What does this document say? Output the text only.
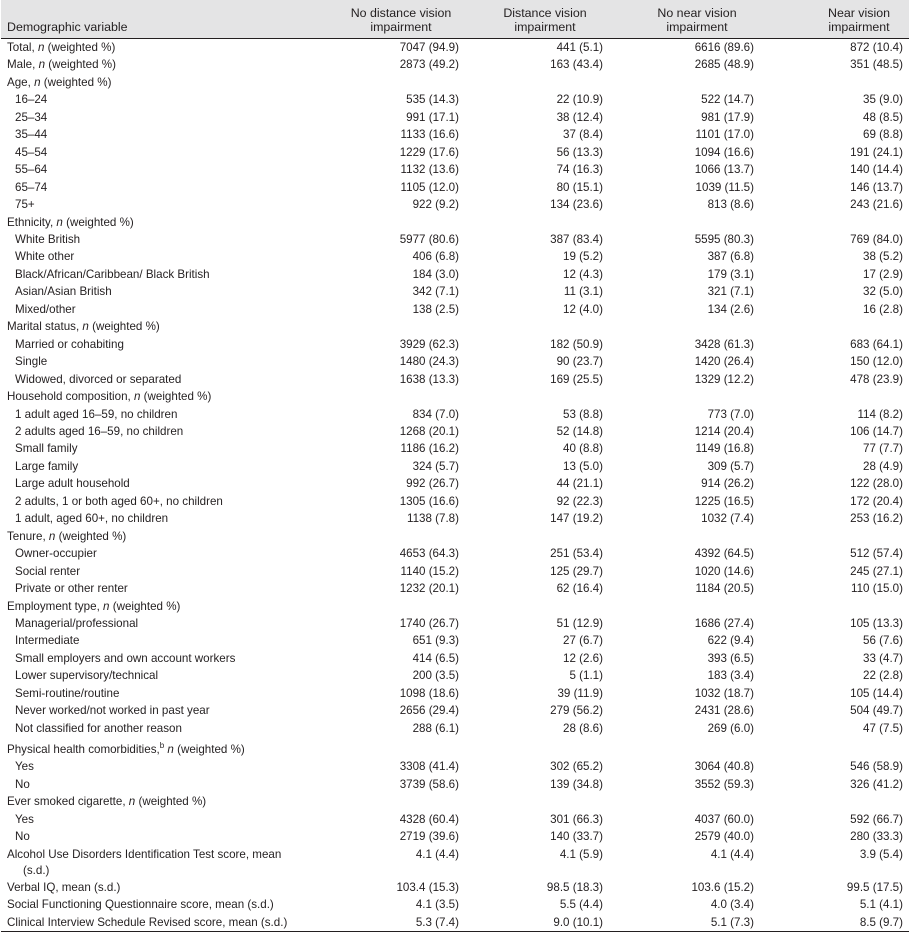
Demographic variable	No distance vision impairment	Distance vision impairment	No near vision impairment	Near vision impairment
Total, n (weighted %)	7047 (94.9)	441 (5.1)	6616 (89.6)	872 (10.4)
Male, n (weighted %)	2873 (49.2)	163 (43.4)	2685 (48.9)	351 (48.5)
Age, n (weighted %)				
16–24	535 (14.3)	22 (10.9)	522 (14.7)	35 (9.0)
25–34	991 (17.1)	38 (12.4)	981 (17.9)	48 (8.5)
35–44	1133 (16.6)	37 (8.4)	1101 (17.0)	69 (8.8)
45–54	1229 (17.6)	56 (13.3)	1094 (16.6)	191 (24.1)
55–64	1132 (13.6)	74 (16.3)	1066 (13.7)	140 (14.4)
65–74	1105 (12.0)	80 (15.1)	1039 (11.5)	146 (13.7)
75+	922 (9.2)	134 (23.6)	813 (8.6)	243 (21.6)
Ethnicity, n (weighted %)				
White British	5977 (80.6)	387 (83.4)	5595 (80.3)	769 (84.0)
White other	406 (6.8)	19 (5.2)	387 (6.8)	38 (5.2)
Black/African/Caribbean/ Black British	184 (3.0)	12 (4.3)	179 (3.1)	17 (2.9)
Asian/Asian British	342 (7.1)	11 (3.1)	321 (7.1)	32 (5.0)
Mixed/other	138 (2.5)	12 (4.0)	134 (2.6)	16 (2.8)
Marital status, n (weighted %)				
Married or cohabiting	3929 (62.3)	182 (50.9)	3428 (61.3)	683 (64.1)
Single	1480 (24.3)	90 (23.7)	1420 (26.4)	150 (12.0)
Widowed, divorced or separated	1638 (13.3)	169 (25.5)	1329 (12.2)	478 (23.9)
Household composition, n (weighted %)				
1 adult aged 16–59, no children	834 (7.0)	53 (8.8)	773 (7.0)	114 (8.2)
2 adults aged 16–59, no children	1268 (20.1)	52 (14.8)	1214 (20.4)	106 (14.7)
Small family	1186 (16.2)	40 (8.8)	1149 (16.8)	77 (7.7)
Large family	324 (5.7)	13 (5.0)	309 (5.7)	28 (4.9)
Large adult household	992 (26.7)	44 (21.1)	914 (26.2)	122 (28.0)
2 adults, 1 or both aged 60+, no children	1305 (16.6)	92 (22.3)	1225 (16.5)	172 (20.4)
1 adult, aged 60+, no children	1138 (7.8)	147 (19.2)	1032 (7.4)	253 (16.2)
Tenure, n (weighted %)				
Owner-occupier	4653 (64.3)	251 (53.4)	4392 (64.5)	512 (57.4)
Social renter	1140 (15.2)	125 (29.7)	1020 (14.6)	245 (27.1)
Private or other renter	1232 (20.1)	62 (16.4)	1184 (20.5)	110 (15.0)
Employment type, n (weighted %)				
Managerial/professional	1740 (26.7)	51 (12.9)	1686 (27.4)	105 (13.3)
Intermediate	651 (9.3)	27 (6.7)	622 (9.4)	56 (7.6)
Small employers and own account workers	414 (6.5)	12 (2.6)	393 (6.5)	33 (4.7)
Lower supervisory/technical	200 (3.5)	5 (1.1)	183 (3.4)	22 (2.8)
Semi-routine/routine	1098 (18.6)	39 (11.9)	1032 (18.7)	105 (14.4)
Never worked/not worked in past year	2656 (29.4)	279 (56.2)	2431 (28.6)	504 (49.7)
Not classified for another reason	288 (6.1)	28 (8.6)	269 (6.0)	47 (7.5)
Physical health comorbidities,$^b$ n (weighted %)				
Yes	3308 (41.4)	302 (65.2)	3064 (40.8)	546 (58.9)
No	3739 (58.6)	139 (34.8)	3552 (59.3)	326 (41.2)
Ever smoked cigarette, n (weighted %)				
Yes	4328 (60.4)	301 (66.3)	4037 (60.0)	592 (66.7)
No	2719 (39.6)	140 (33.7)	2579 (40.0)	280 (33.3)
Alcohol Use Disorders Identification Test score, mean
(s.d.)	4.1 (4.4)	4.1 (5.9)	4.1 (4.4)	3.9 (5.4)
Verbal IQ, mean (s.d.)	103.4 (15.3)	98.5 (18.3)	103.6 (15.2)	99.5 (17.5)
Social Functioning Questionnaire score, mean (s.d.)	4.1 (3.5)	5.5 (4.4)	4.0 (3.4)	5.1 (4.1)
Clinical Interview Schedule Revised score, mean (s.d.)	5.3 (7.4)	9.0 (10.1)	5.1 (7.3)	8.5 (9.7)
